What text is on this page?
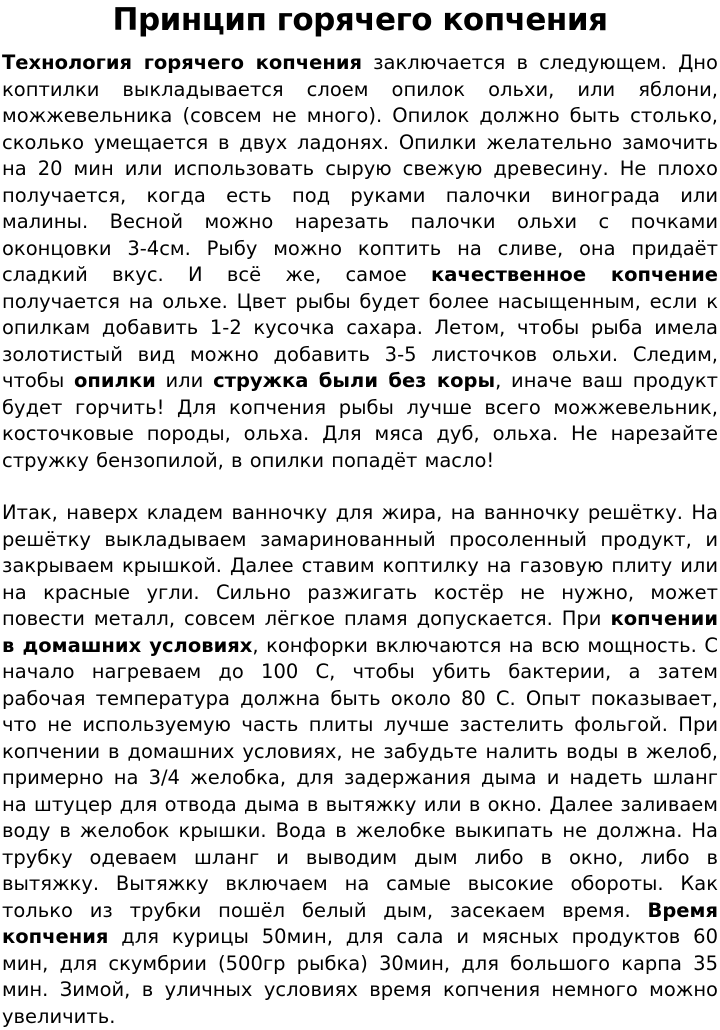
Принцип горячего копчения

Технология горячего копчения заключается в следующем. Дно коптилки выкладывается слоем опилок ольхи, или яблони, можжевельника (совсем не много). Опилок должно быть столько, сколько умещается в двух ладонях. Опилки желательно замочить на 20 мин или использовать сырую свежую древесину. Не плохо получается, когда есть под руками палочки винограда или малины. Весной можно нарезать палочки ольхи с почками оконцовки 3-4см. Рыбу можно коптить на сливе, она придаёт сладкий вкус. И всё же, самое качественное копчение получается на ольхе. Цвет рыбы будет более насыщенным, если к опилкам добавить 1-2 кусочка сахара. Летом, чтобы рыба имела золотистый вид можно добавить 3-5 листочков ольхи. Следим, чтобы опилки или стружка были без коры, иначе ваш продукт будет горчить! Для копчения рыбы лучше всего можжевельник, косточковые породы, ольха. Для мяса дуб, ольха. Не нарезайте стружку бензопилой, в опилки попадёт масло!

Итак, наверх кладем ванночку для жира, на ванночку решётку. На решётку выкладываем замаринованный просоленный продукт, и закрываем крышкой. Далее ставим коптилку на газовую плиту или на красные угли. Сильно разжигать костёр не нужно, может повести металл, совсем лёгкое пламя допускается. При копчении в домашних условиях, конфорки включаются на всю мощность. С начало нагреваем до 100 С, чтобы убить бактерии, а затем рабочая температура должна быть около 80 С. Опыт показывает, что не используемую часть плиты лучше застелить фольгой. При копчении в домашних условиях, не забудьте налить воды в желоб, примерно на 3/4 желобка, для задержания дыма и надеть шланг на штуцер для отвода дыма в вытяжку или в окно. Далее заливаем воду в желобок крышки. Вода в желобке выкипать не должна. На трубку одеваем шланг и выводим дым либо в окно, либо в вытяжку. Вытяжку включаем на самые высокие обороты. Как только из трубки пошёл белый дым, засекаем время. Время копчения для курицы 50мин, для сала и мясных продуктов 60 мин, для скумбрии (500гр рыбка) 30мин, для большого карпа 35 мин. Зимой, в уличных условиях время копчения немного можно увеличить.
